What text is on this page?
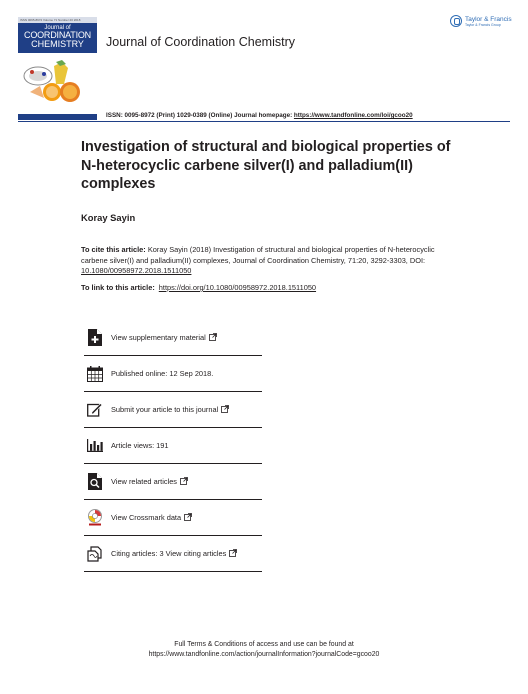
ISSN 0095-8972 Volume 71 Number 20 2018
Journal of
COORDINATION
CHEMISTRY	Journal of Coordination Chemistry
Taylor & Francis
Taylor & Francis Group
ISSN: 0095-8972 (Print) 1029-0389 (Online) Journal homepage: https://www.tandfonline.com/loi/gcoo20
Investigation of structural and biological properties of N-heterocyclic carbene silver(I) and palladium(II) complexes
Koray Sayin
To cite this article: Koray Sayin (2018) Investigation of structural and biological properties of N-heterocyclic carbene silver(I) and palladium(II) complexes, Journal of Coordination Chemistry, 71:20, 3292-3303, DOI: 10.1080/00958972.2018.1511050
To link to this article: https://doi.org/10.1080/00958972.2018.1511050
View supplementary material
Published online: 12 Sep 2018.
Submit your article to this journal
Article views: 191
View related articles
View Crossmark data
Citing articles: 3 View citing articles
Full Terms & Conditions of access and use can be found at
https://www.tandfonline.com/action/journalInformation?journalCode=gcoo20
